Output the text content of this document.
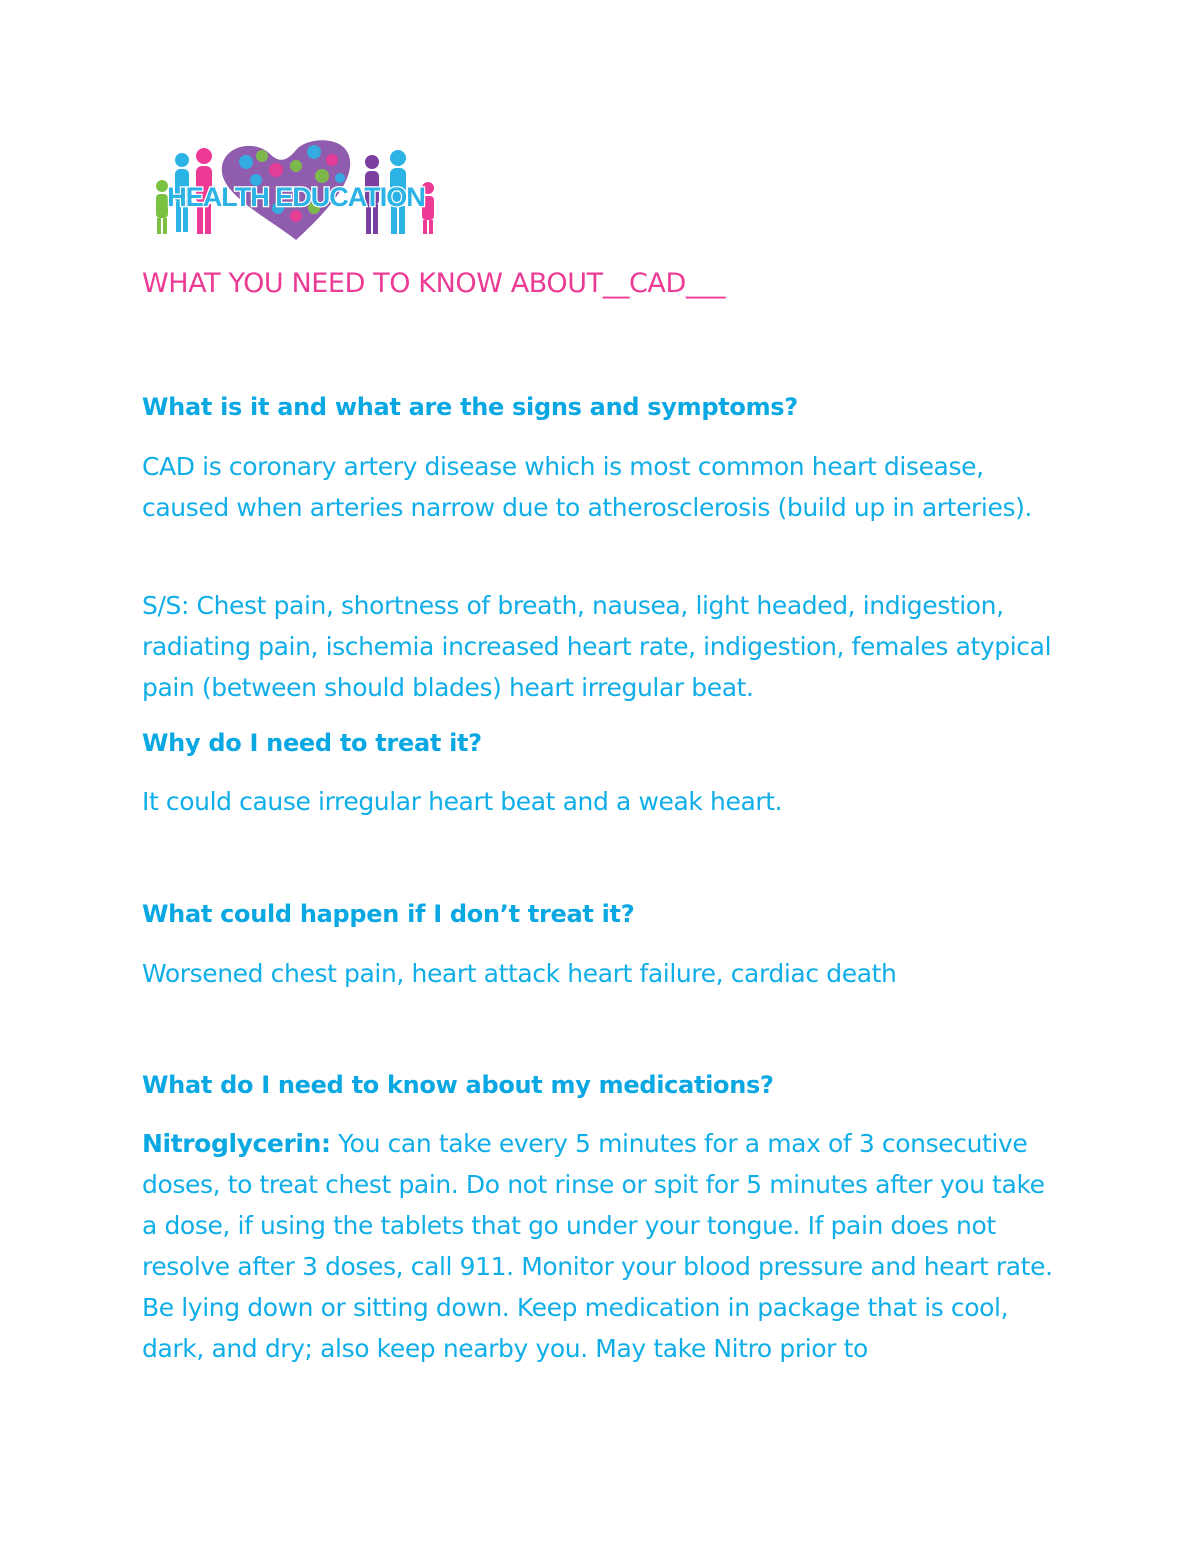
HEALTH EDUCATION
WHAT YOU NEED TO KNOW ABOUT__CAD___
What is it and what are the signs and symptoms?
CAD is coronary artery disease which is most common heart disease, caused when arteries narrow due to atherosclerosis (build up in arteries).
S/S: Chest pain, shortness of breath, nausea, light headed, indigestion, radiating pain, ischemia increased heart rate, indigestion, females atypical pain (between should blades) heart irregular beat.
Why do I need to treat it?
It could cause irregular heart beat and a weak heart.
What could happen if I don’t treat it?
Worsened chest pain, heart attack heart failure, cardiac death
What do I need to know about my medications?
Nitroglycerin: You can take every 5 minutes for a max of 3 consecutive doses, to treat chest pain. Do not rinse or spit for 5 minutes after you take a dose, if using the tablets that go under your tongue. If pain does not resolve after 3 doses, call 911. Monitor your blood pressure and heart rate. Be lying down or sitting down. Keep medication in package that is cool, dark, and dry; also keep nearby you. May take Nitro prior to
